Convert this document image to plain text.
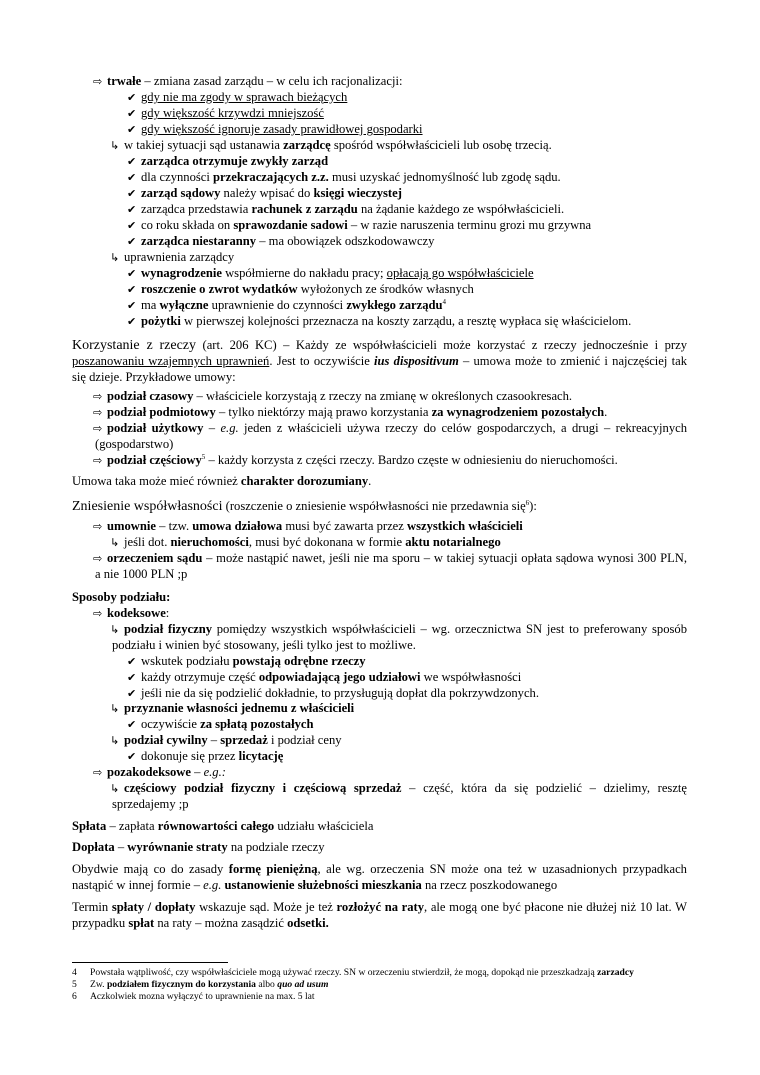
⇨ trwałe – zmiana zasad zarządu – w celu ich racjonalizacji:
✔ gdy nie ma zgody w sprawach bieżących
✔ gdy większość krzywdzi mniejszość
✔ gdy większość ignoruje zasady prawidłowej gospodarki
↳ w takiej sytuacji sąd ustanawia zarządcę spośród współwłaścicieli lub osobę trzecią.
✔ zarządca otrzymuje zwykły zarząd
✔ dla czynności przekraczających z.z. musi uzyskać jednomyślność lub zgodę sądu.
✔ zarząd sądowy należy wpisać do księgi wieczystej
✔ zarządca przedstawia rachunek z zarządu na żądanie każdego ze współwłaścicieli.
✔ co roku składa on sprawozdanie sadowi – w razie naruszenia terminu grozi mu grzywna
✔ zarządca niestaranny – ma obowiązek odszkodowawczy
↳ uprawnienia zarządcy
✔ wynagrodzenie współmierne do nakładu pracy; opłacają go współwłaściciele
✔ roszczenie o zwrot wydatków wyłożonych ze środków własnych
✔ ma wyłączne uprawnienie do czynności zwykłego zarządu$^4$
✔ pożytki w pierwszej kolejności przeznacza na koszty zarządu, a resztę wypłaca się właścicielom.
Korzystanie z rzeczy (art. 206 KC) – Każdy ze współwłaścicieli może korzystać z rzeczy jednocześnie i przy
poszanowaniu wzajemnych uprawnień. Jest to oczywiście ius dispositivum – umowa może to zmienić i najczęściej tak
się dzieje. Przykładowe umowy:
⇨ podział czasowy – właściciele korzystają z rzeczy na zmianę w określonych czasookresach.
⇨ podział podmiotowy – tylko niektórzy mają prawo korzystania za wynagrodzeniem pozostałych.
⇨ podział użytkowy – e.g. jeden z właścicieli używa rzeczy do celów gospodarczych, a drugi – rekreacyjnych
(gospodarstwo)
⇨ podział częściowy$^5$ – każdy korzysta z części rzeczy. Bardzo częste w odniesieniu do nieruchomości.
Umowa taka może mieć również charakter dorozumiany.
Zniesienie współwłasności (roszczenie o zniesienie współwłasności nie przedawnia się$^6$):
⇨ umownie – tzw. umowa działowa musi być zawarta przez wszystkich właścicieli
↳ jeśli dot. nieruchomości, musi być dokonana w formie aktu notarialnego
⇨ orzeczeniem sądu – może nastąpić nawet, jeśli nie ma sporu – w takiej sytuacji opłata sądowa wynosi 300 PLN,
a nie 1000 PLN ;p
Sposoby podziału:
⇨ kodeksowe:
↳ podział fizyczny pomiędzy wszystkich współwłaścicieli – wg. orzecznictwa SN jest to preferowany sposób
podziału i winien być stosowany, jeśli tylko jest to możliwe.
✔ wskutek podziału powstają odrębne rzeczy
✔ każdy otrzymuje część odpowiadającą jego udziałowi we współwłasności
✔ jeśli nie da się podzielić dokładnie, to przysługują dopłat dla pokrzywdzonych.
↳ przyznanie własności jednemu z właścicieli
✔ oczywiście za spłatą pozostałych
↳ podział cywilny – sprzedaż i podział ceny
✔ dokonuje się przez licytację
⇨ pozakodeksowe – e.g.:
↳ częściowy podział fizyczny i częściową sprzedaż – część, która da się podzielić – dzielimy, resztę
sprzedajemy ;p
Spłata – zapłata równowartości całego udziału właściciela
Dopłata – wyrównanie straty na podziale rzeczy
Obydwie mają co do zasady formę pieniężną, ale wg. orzeczenia SN może ona też w uzasadnionych przypadkach
nastąpić w innej formie – e.g. ustanowienie służebności mieszkania na rzecz poszkodowanego
Termin spłaty / dopłaty wskazuje sąd. Może je też rozłożyć na raty, ale mogą one być płacone nie dłużej niż 10 lat. W
przypadku spłat na raty – można zasądzić odsetki.
4 Powstała wątpliwość, czy współwłaściciele mogą używać rzeczy. SN w orzeczeniu stwierdził, że mogą, dopokąd nie przeszkadzają zarzadcy
5 Zw. podziałem fizycznym do korzystania albo quo ad usum
6 Aczkolwiek mozna wyłączyć to uprawnienie na max. 5 lat
